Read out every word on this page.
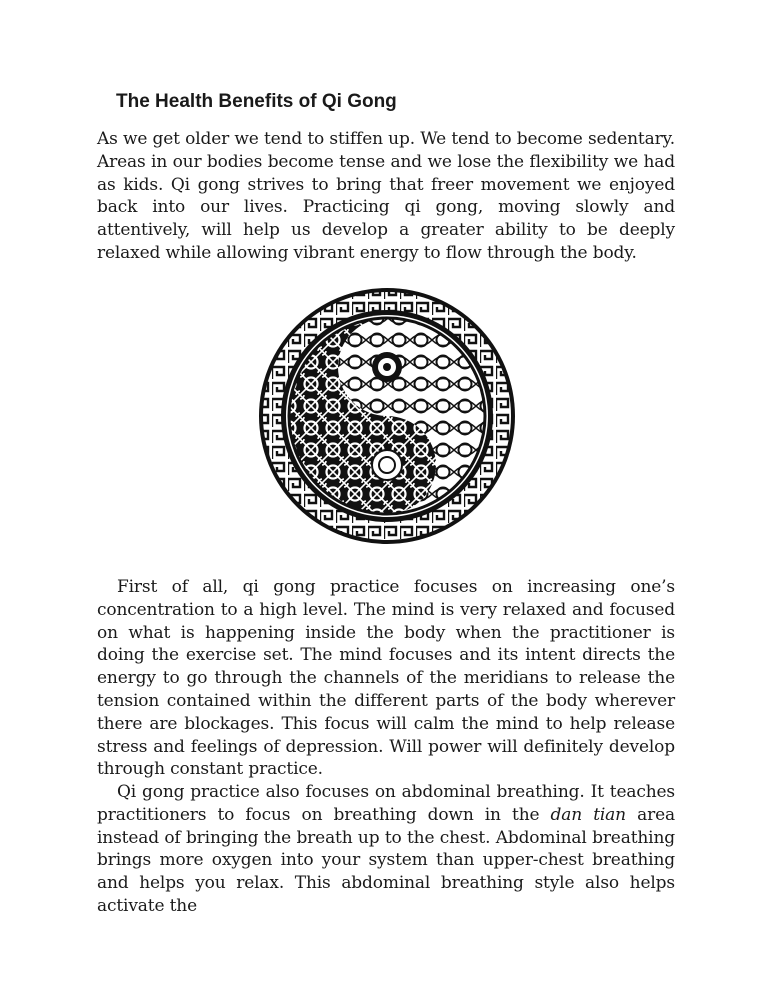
The Health Benefits of Qi Gong

As we get older we tend to stiffen up. We tend to become sedentary. Areas in our bodies become tense and we lose the flexibility we had as kids. Qi gong strives to bring that freer movement we enjoyed back into our lives. Practicing qi gong, moving slowly and attentively, will help us develop a greater ability to be deeply relaxed while allowing vibrant energy to flow through the body.

First of all, qi gong practice focuses on increasing one’s concentration to a high level. The mind is very relaxed and focused on what is happening inside the body when the practitioner is doing the exercise set. The mind focuses and its intent directs the energy to go through the channels of the meridians to release the tension contained within the different parts of the body wherever there are blockages. This focus will calm the mind to help release stress and feelings of depression. Will power will definitely develop through constant practice.

Qi gong practice also focuses on abdominal breathing. It teaches practitioners to focus on breathing down in the dan tian area instead of bringing the breath up to the chest. Abdominal breathing brings more oxygen into your system than upper-chest breathing and helps you relax. This abdominal breathing style also helps activate the
